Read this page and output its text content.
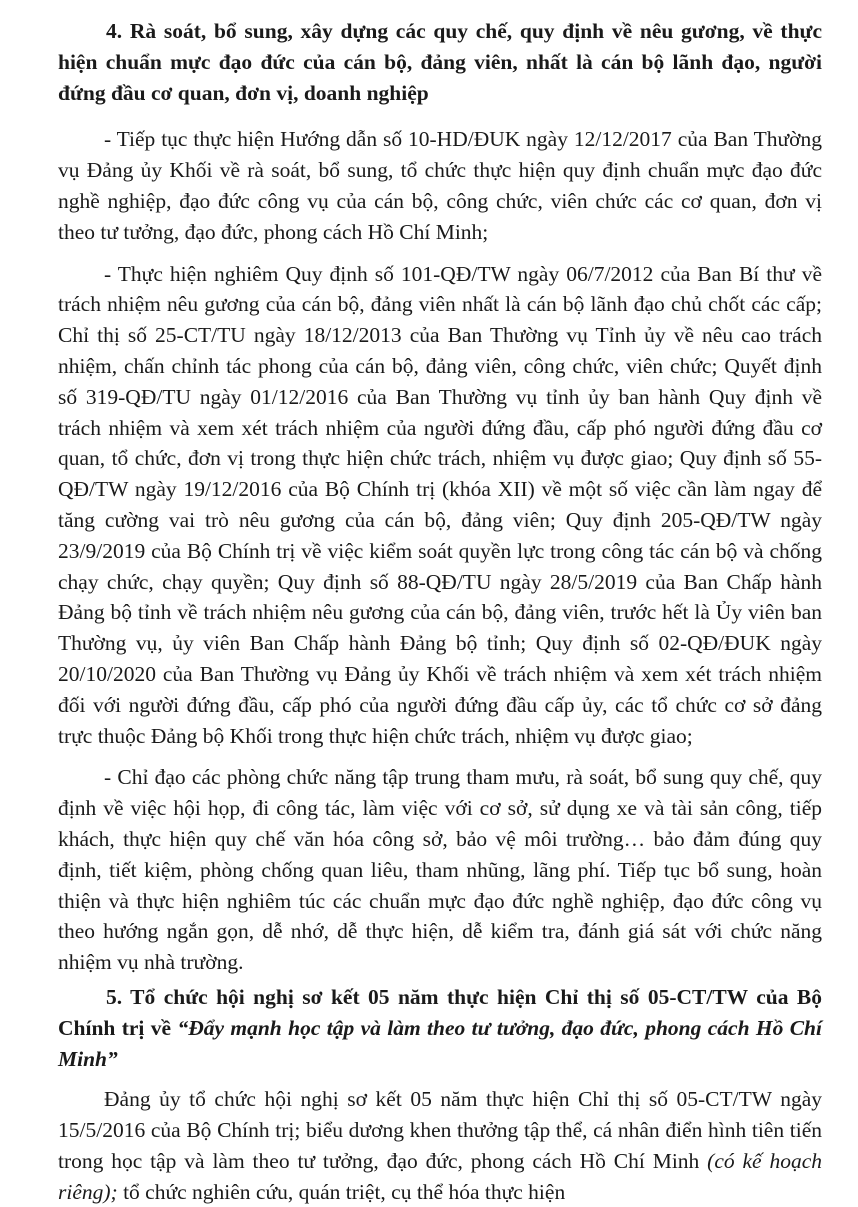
4. Rà soát, bổ sung, xây dựng các quy chế, quy định về nêu gương, về thực hiện chuẩn mực đạo đức của cán bộ, đảng viên, nhất là cán bộ lãnh đạo, người đứng đầu cơ quan, đơn vị, doanh nghiệp

- Tiếp tục thực hiện Hướng dẫn số 10-HD/ĐUK ngày 12/12/2017 của Ban Thường vụ Đảng ủy Khối về rà soát, bổ sung, tổ chức thực hiện quy định chuẩn mực đạo đức nghề nghiệp, đạo đức công vụ của cán bộ, công chức, viên chức các cơ quan, đơn vị theo tư tưởng, đạo đức, phong cách Hồ Chí Minh;

- Thực hiện nghiêm Quy định số 101-QĐ/TW ngày 06/7/2012 của Ban Bí thư về trách nhiệm nêu gương của cán bộ, đảng viên nhất là cán bộ lãnh đạo chủ chốt các cấp; Chỉ thị số 25-CT/TU ngày 18/12/2013 của Ban Thường vụ Tỉnh ủy về nêu cao trách nhiệm, chấn chỉnh tác phong của cán bộ, đảng viên, công chức, viên chức; Quyết định số 319-QĐ/TU ngày 01/12/2016 của Ban Thường vụ tỉnh ủy ban hành Quy định về trách nhiệm và xem xét trách nhiệm của người đứng đầu, cấp phó người đứng đầu cơ quan, tổ chức, đơn vị trong thực hiện chức trách, nhiệm vụ được giao; Quy định số 55-QĐ/TW ngày 19/12/2016 của Bộ Chính trị (khóa XII) về một số việc cần làm ngay để tăng cường vai trò nêu gương của cán bộ, đảng viên; Quy định 205-QĐ/TW ngày 23/9/2019 của Bộ Chính trị về việc kiểm soát quyền lực trong công tác cán bộ và chống chạy chức, chạy quyền; Quy định số 88-QĐ/TU ngày 28/5/2019 của Ban Chấp hành Đảng bộ tỉnh về trách nhiệm nêu gương của cán bộ, đảng viên, trước hết là Ủy viên ban Thường vụ, ủy viên Ban Chấp hành Đảng bộ tỉnh; Quy định số 02-QĐ/ĐUK ngày 20/10/2020 của Ban Thường vụ Đảng ủy Khối về trách nhiệm và xem xét trách nhiệm đối với người đứng đầu, cấp phó của người đứng đầu cấp ủy, các tổ chức cơ sở đảng trực thuộc Đảng bộ Khối trong thực hiện chức trách, nhiệm vụ được giao;

- Chỉ đạo các phòng chức năng tập trung tham mưu, rà soát, bổ sung quy chế, quy định về việc hội họp, đi công tác, làm việc với cơ sở, sử dụng xe và tài sản công, tiếp khách, thực hiện quy chế văn hóa công sở, bảo vệ môi trường… bảo đảm đúng quy định, tiết kiệm, phòng chống quan liêu, tham nhũng, lãng phí. Tiếp tục bổ sung, hoàn thiện và thực hiện nghiêm túc các chuẩn mực đạo đức nghề nghiệp, đạo đức công vụ theo hướng ngắn gọn, dễ nhớ, dễ thực hiện, dễ kiểm tra, đánh giá sát với chức năng nhiệm vụ nhà trường.

5. Tổ chức hội nghị sơ kết 05 năm thực hiện Chỉ thị số 05-CT/TW của Bộ Chính trị về “Đẩy mạnh học tập và làm theo tư tưởng, đạo đức, phong cách Hồ Chí Minh”

Đảng ủy tổ chức hội nghị sơ kết 05 năm thực hiện Chỉ thị số 05-CT/TW ngày 15/5/2016 của Bộ Chính trị; biểu dương khen thưởng tập thể, cá nhân điển hình tiên tiến trong học tập và làm theo tư tưởng, đạo đức, phong cách Hồ Chí Minh (có kế hoạch riêng); tổ chức nghiên cứu, quán triệt, cụ thể hóa thực hiện
